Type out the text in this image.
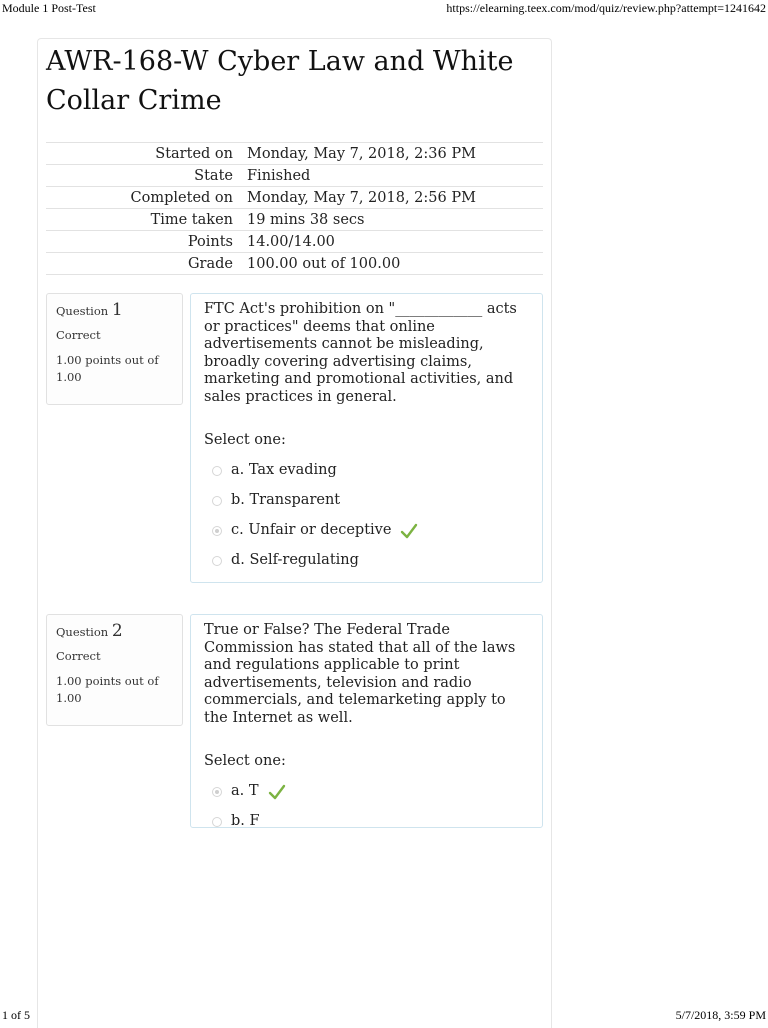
Module 1 Post-Test	https://elearning.teex.com/mod/quiz/review.php?attempt=1241642
AWR-168-W Cyber Law and White Collar Crime
Started on	Monday, May 7, 2018, 2:36 PM
State	Finished
Completed on	Monday, May 7, 2018, 2:56 PM
Time taken	19 mins 38 secs
Points	14.00/14.00
Grade	100.00 out of 100.00
Question 1
Correct
1.00 points out of 1.00

FTC Act's prohibition on "____________ acts or practices" deems that online advertisements cannot be misleading, broadly covering advertising claims, marketing and promotional activities, and sales practices in general.

Select one:
a. Tax evading
b. Transparent
c. Unfair or deceptive
d. Self-regulating
Question 2
Correct
1.00 points out of 1.00

True or False? The Federal Trade Commission has stated that all of the laws and regulations applicable to print advertisements, television and radio commercials, and telemarketing apply to the Internet as well.

Select one:
a. T
b. F
1 of 5	5/7/2018, 3:59 PM
